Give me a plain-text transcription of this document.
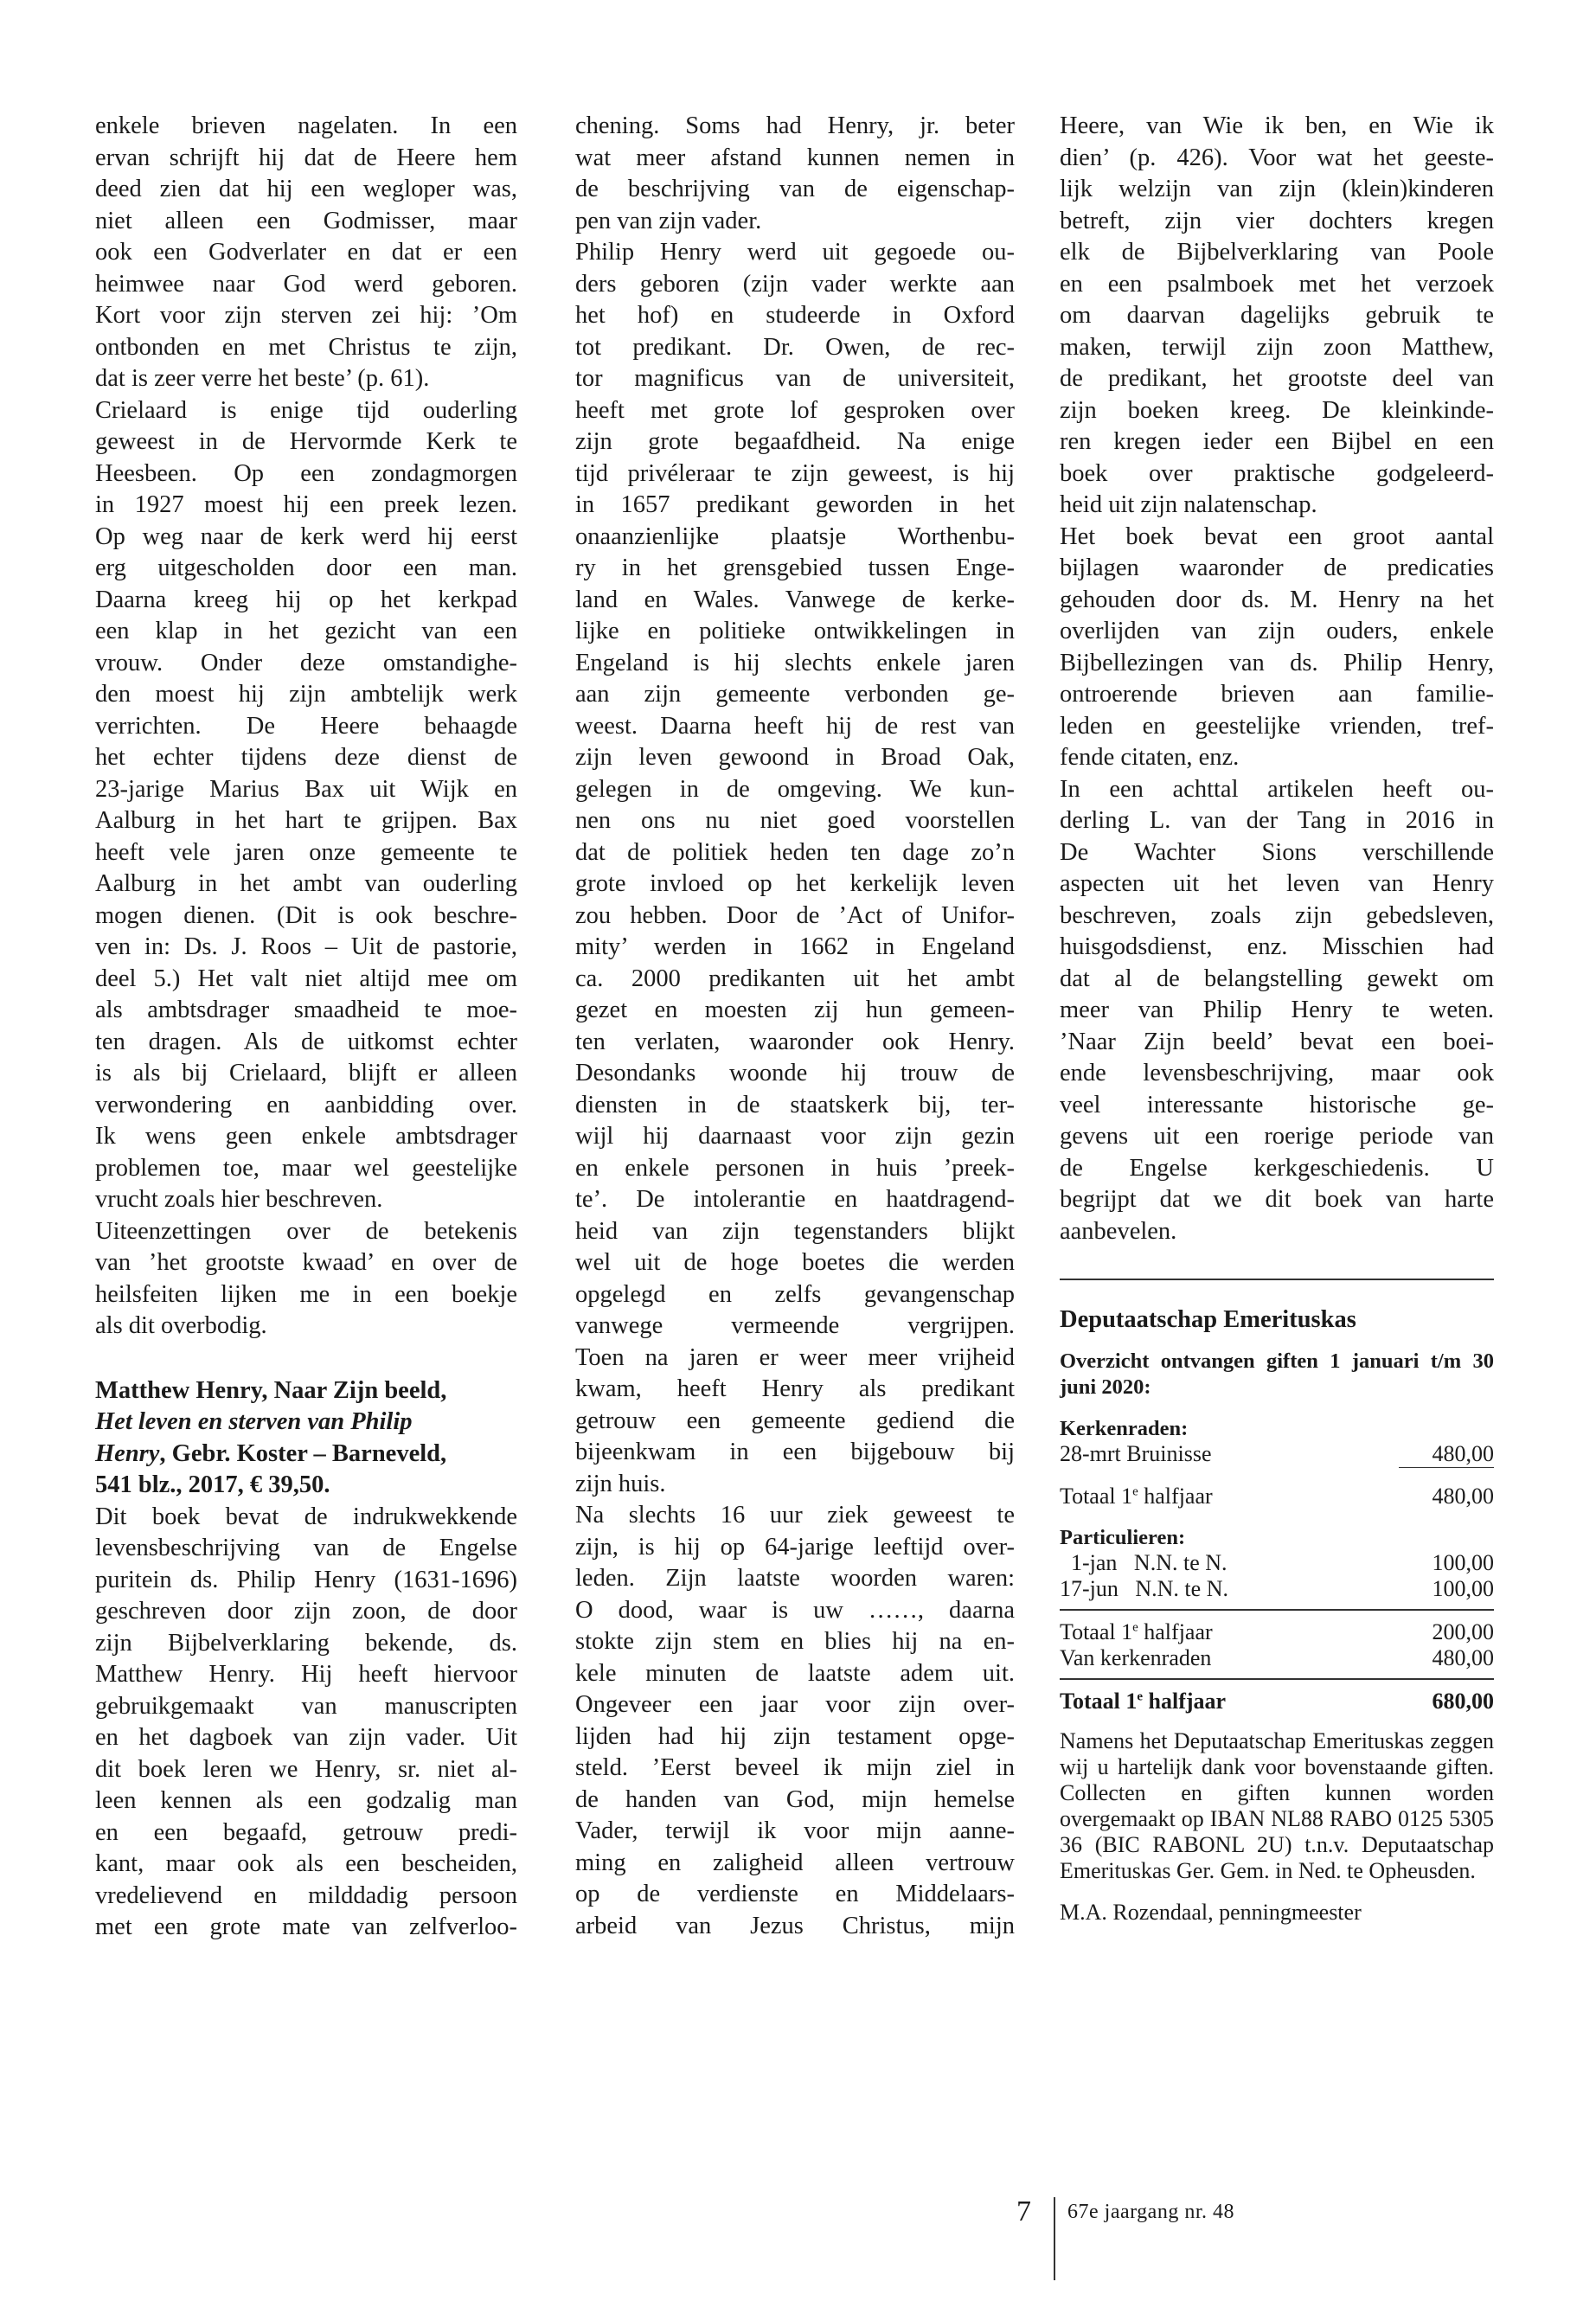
enkele brieven nagelaten. In een
ervan schrijft hij dat de Heere hem
deed zien dat hij een wegloper was,
niet alleen een Godmisser, maar
ook een Godverlater en dat er een
heimwee naar God werd geboren.
Kort voor zijn sterven zei hij: ’Om
ontbonden en met Christus te zijn,
dat is zeer verre het beste’ (p. 61).
Crielaard is enige tijd ouderling
geweest in de Hervormde Kerk te
Heesbeen. Op een zondagmorgen
in 1927 moest hij een preek lezen.
Op weg naar de kerk werd hij eerst
erg uitgescholden door een man.
Daarna kreeg hij op het kerkpad
een klap in het gezicht van een
vrouw. Onder deze omstandighe-
den moest hij zijn ambtelijk werk
verrichten. De Heere behaagde
het echter tijdens deze dienst de
23-jarige Marius Bax uit Wijk en
Aalburg in het hart te grijpen. Bax
heeft vele jaren onze gemeente te
Aalburg in het ambt van ouderling
mogen dienen. (Dit is ook beschre-
ven in: Ds. J. Roos – Uit de pastorie,
deel 5.) Het valt niet altijd mee om
als ambtsdrager smaadheid te moe-
ten dragen. Als de uitkomst echter
is als bij Crielaard, blijft er alleen
verwondering en aanbidding over.
Ik wens geen enkele ambtsdrager
problemen toe, maar wel geestelijke
vrucht zoals hier beschreven.
Uiteenzettingen over de betekenis
van ’het grootste kwaad’ en over de
heilsfeiten lijken me in een boekje
als dit overbodig.

Matthew Henry, Naar Zijn beeld,
Het leven en sterven van Philip
Henry, Gebr. Koster – Barneveld,
541 blz., 2017, € 39,50.

Dit boek bevat de indrukwekkende
levensbeschrijving van de Engelse
puritein ds. Philip Henry (1631-1696)
geschreven door zijn zoon, de door
zijn Bijbelverklaring bekende, ds.
Matthew Henry. Hij heeft hiervoor
gebruikgemaakt van manuscripten
en het dagboek van zijn vader. Uit
dit boek leren we Henry, sr. niet al-
leen kennen als een godzalig man
en een begaafd, getrouw predi-
kant, maar ook als een bescheiden,
vredelievend en milddadig persoon
met een grote mate van zelfverloo-
chening. Soms had Henry, jr. beter
wat meer afstand kunnen nemen in
de beschrijving van de eigenschap-
pen van zijn vader.
Philip Henry werd uit gegoede ou-
ders geboren (zijn vader werkte aan
het hof) en studeerde in Oxford
tot predikant. Dr. Owen, de rec-
tor magnificus van de universiteit,
heeft met grote lof gesproken over
zijn grote begaafdheid. Na enige
tijd privéleraar te zijn geweest, is hij
in 1657 predikant geworden in het
onaanzienlijke plaatsje Worthenbu-
ry in het grensgebied tussen Enge-
land en Wales. Vanwege de kerke-
lijke en politieke ontwikkelingen in
Engeland is hij slechts enkele jaren
aan zijn gemeente verbonden ge-
weest. Daarna heeft hij de rest van
zijn leven gewoond in Broad Oak,
gelegen in de omgeving. We kun-
nen ons nu niet goed voorstellen
dat de politiek heden ten dage zo’n
grote invloed op het kerkelijk leven
zou hebben. Door de ’Act of Unifor-
mity’ werden in 1662 in Engeland
ca. 2000 predikanten uit het ambt
gezet en moesten zij hun gemeen-
ten verlaten, waaronder ook Henry.
Desondanks woonde hij trouw de
diensten in de staatskerk bij, ter-
wijl hij daarnaast voor zijn gezin
en enkele personen in huis ’preek-
te’. De intolerantie en haatdragend-
heid van zijn tegenstanders blijkt
wel uit de hoge boetes die werden
opgelegd en zelfs gevangenschap
vanwege vermeende vergrijpen.
Toen na jaren er weer meer vrijheid
kwam, heeft Henry als predikant
getrouw een gemeente gediend die
bijeenkwam in een bijgebouw bij
zijn huis.
Na slechts 16 uur ziek geweest te
zijn, is hij op 64-jarige leeftijd over-
leden. Zijn laatste woorden waren:
O dood, waar is uw ……, daarna
stokte zijn stem en blies hij na en-
kele minuten de laatste adem uit.
Ongeveer een jaar voor zijn over-
lijden had hij zijn testament opge-
steld. ’Eerst beveel ik mijn ziel in
de handen van God, mijn hemelse
Vader, terwijl ik voor mijn aanne-
ming en zaligheid alleen vertrouw
op de verdienste en Middelaars-
arbeid van Jezus Christus, mijn
Heere, van Wie ik ben, en Wie ik
dien’ (p. 426). Voor wat het geeste-
lijk welzijn van zijn (klein)kinderen
betreft, zijn vier dochters kregen
elk de Bijbelverklaring van Poole
en een psalmboek met het verzoek
om daarvan dagelijks gebruik te
maken, terwijl zijn zoon Matthew,
de predikant, het grootste deel van
zijn boeken kreeg. De kleinkinde-
ren kregen ieder een Bijbel en een
boek over praktische godgeleerd-
heid uit zijn nalatenschap.
Het boek bevat een groot aantal
bijlagen waaronder de predicaties
gehouden door ds. M. Henry na het
overlijden van zijn ouders, enkele
Bijbellezingen van ds. Philip Henry,
ontroerende brieven aan familie-
leden en geestelijke vrienden, tref-
fende citaten, enz.
In een achttal artikelen heeft ou-
derling L. van der Tang in 2016 in
De Wachter Sions verschillende
aspecten uit het leven van Henry
beschreven, zoals zijn gebedsleven,
huisgodsdienst, enz. Misschien had
dat al de belangstelling gewekt om
meer van Philip Henry te weten.
’Naar Zijn beeld’ bevat een boei-
ende levensbeschrijving, maar ook
veel interessante historische ge-
gevens uit een roerige periode van
de Engelse kerkgeschiedenis. U
begrijpt dat we dit boek van harte
aanbevelen.
Deputaatschap Emerituskas
Overzicht ontvangen giften 1 januari t/m 30 juni 2020:
Kerkenraden:
28-mrt Bruinisse	480,00
Totaal 1e halfjaar	480,00
Particulieren:
1-jan   N.N. te N.	100,00
17-jun   N.N. te N.	100,00
Totaal 1e halfjaar	200,00
Van kerkenraden	480,00
Totaal 1e halfjaar	680,00
Namens het Deputaatschap Emerituskas zeggen wij u hartelijk dank voor bovenstaande giften. Collecten en giften kunnen worden overgemaakt op IBAN NL88 RABO 0125 5305 36 (BIC RABONL 2U) t.n.v. Deputaatschap Emerituskas Ger. Gem. in Ned. te Opheusden.
M.A. Rozendaal, penningmeester
7 67e jaargang nr. 48
